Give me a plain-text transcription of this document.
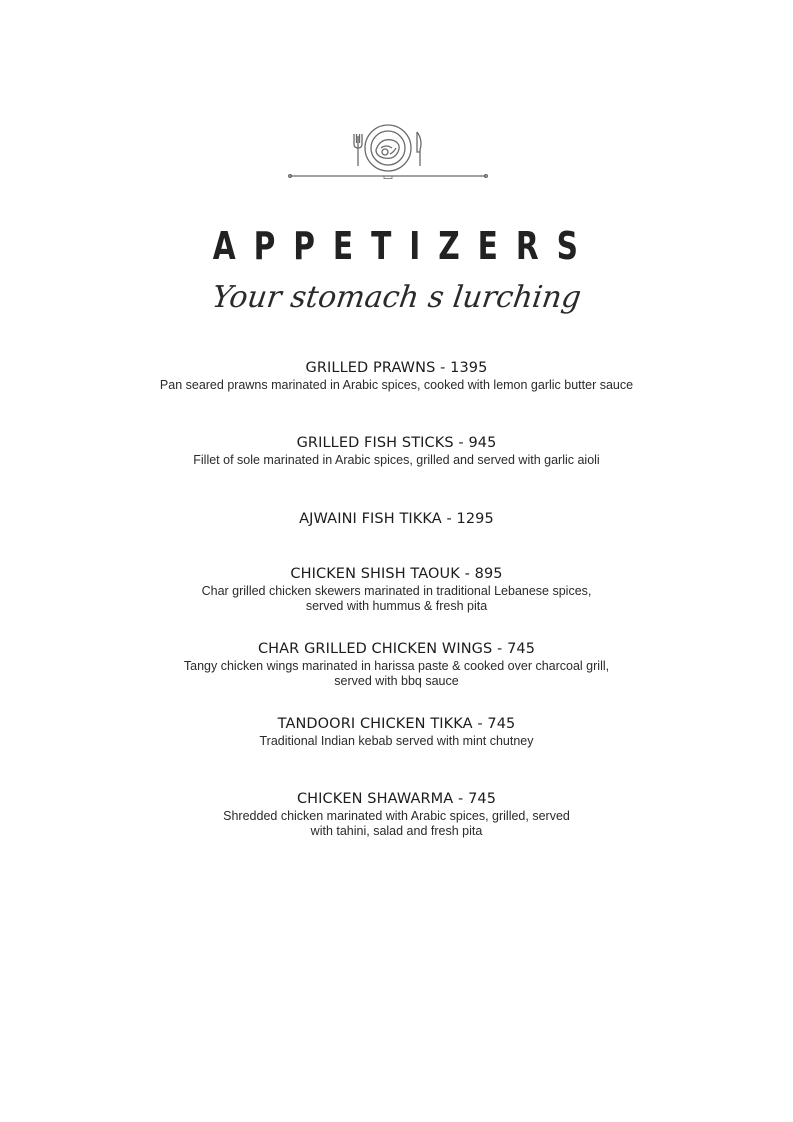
APPETIZERS
Your stomach s lurching
GRILLED PRAWNS - 1395
Pan seared prawns marinated in Arabic spices, cooked with lemon garlic butter sauce
GRILLED FISH STICKS - 945
Fillet of sole marinated in Arabic spices, grilled and served with garlic aioli
AJWAINI FISH TIKKA - 1295
CHICKEN SHISH TAOUK - 895
Char grilled chicken skewers marinated in traditional Lebanese spices,
served with hummus & fresh pita
CHAR GRILLED CHICKEN WINGS - 745
Tangy chicken wings marinated in harissa paste & cooked over charcoal grill,
served with bbq sauce
TANDOORI CHICKEN TIKKA - 745
Traditional Indian kebab served with mint chutney
CHICKEN SHAWARMA - 745
Shredded chicken marinated with Arabic spices, grilled, served
with tahini, salad and fresh pita
